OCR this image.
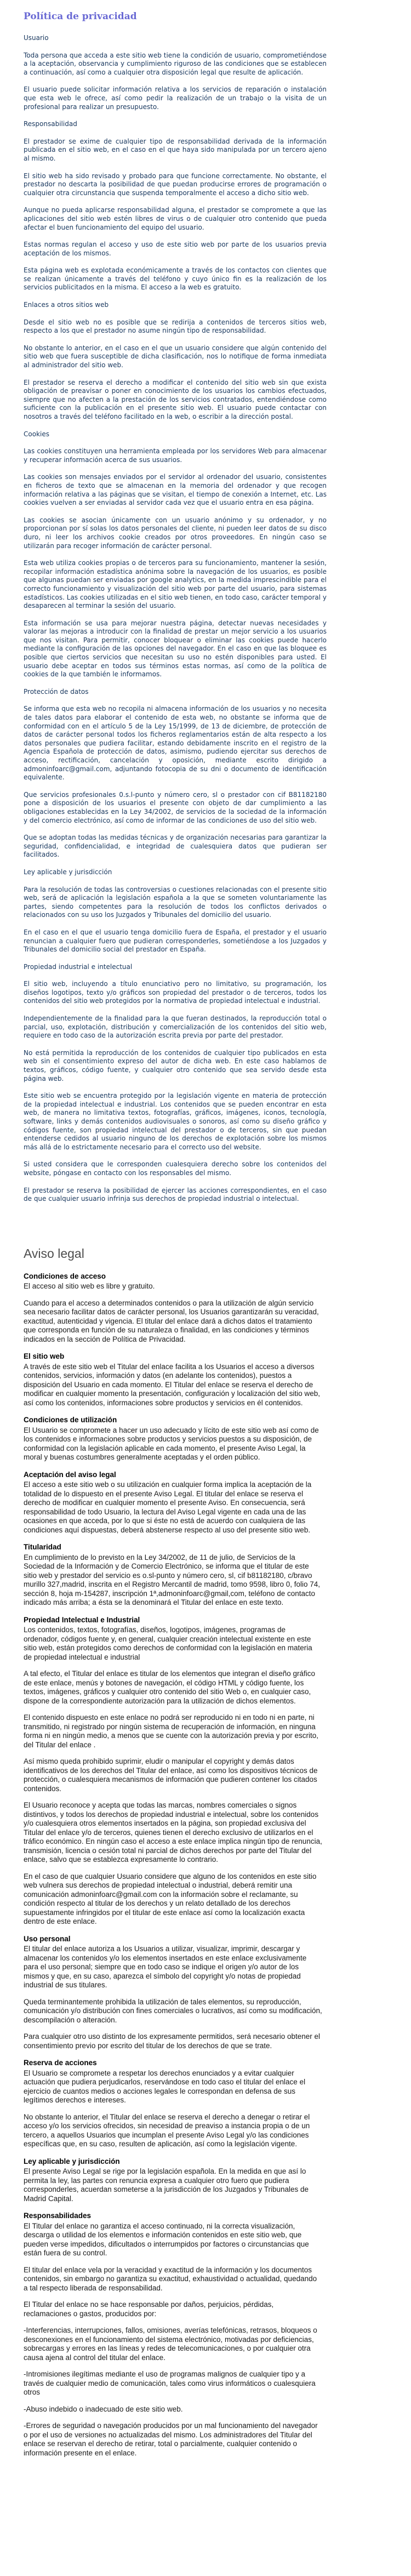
Política de privacidad
Usuario

Toda persona que acceda a este sitio web tiene la condición de usuario, comprometiéndose a la aceptación, observancia y cumplimiento riguroso de las condiciones que se establecen a continuación, así como a cualquier otra disposición legal que resulte de aplicación.

El usuario puede solicitar información relativa a los servicios de reparación o instalación que esta web le ofrece, así como pedir la realización de un trabajo o la visita de un profesional para realizar un presupuesto.

Responsabilidad

El prestador se exime de cualquier tipo de responsabilidad derivada de la información publicada en el sitio web, en el caso en el que haya sido manipulada por un tercero ajeno al mismo.

El sitio web ha sido revisado y probado para que funcione correctamente. No obstante, el prestador no descarta la posibilidad de que puedan producirse errores de programación o cualquier otra circunstancia que suspenda temporalmente el acceso a dicho sitio web.

Aunque no pueda aplicarse responsabilidad alguna, el prestador se compromete a que las aplicaciones del sitio web estén libres de virus o de cualquier otro contenido que pueda afectar el buen funcionamiento del equipo del usuario.

Estas normas regulan el acceso y uso de este sitio web por parte de los usuarios previa aceptación de los mismos.

Esta página web es explotada económicamente a través de los contactos con clientes que se realizan únicamente a través del teléfono y cuyo único fin es la realización de los servicios publicitados en la misma. El acceso a la web es gratuito.

Enlaces a otros sitios web

Desde el sitio web no es posible que se redirija a contenidos de terceros sitios web, respecto a los que el prestador no asume ningún tipo de responsabilidad.

No obstante lo anterior, en el caso en el que un usuario considere que algún contenido del sitio web que fuera susceptible de dicha clasificación, nos lo notifique de forma inmediata al administrador del sitio web.

El prestador se reserva el derecho a modificar el contenido del sitio web sin que exista obligación de preavisar o poner en conocimiento de los usuarios los cambios efectuados, siempre que no afecten a la prestación de los servicios contratados, entendiéndose como suficiente con la publicación en el presente sitio web. El usuario puede contactar con nosotros a través del teléfono facilitado en la web, o escribir a la dirección postal.

Cookies

Las cookies constituyen una herramienta empleada por los servidores Web para almacenar y recuperar información acerca de sus usuarios.

Las cookies son mensajes enviados por el servidor al ordenador del usuario, consistentes en ficheros de texto que se almacenan en la memoria del ordenador y que recogen información relativa a las páginas que se visitan, el tiempo de conexión a Internet, etc. Las cookies vuelven a ser enviadas al servidor cada vez que el usuario entra en esa página.

Las cookies se asocian únicamente con un usuario anónimo y su ordenador, y no proporcionan por sí solas los datos personales del cliente, ni pueden leer datos de su disco duro, ni leer los archivos cookie creados por otros proveedores. En ningún caso se utilizarán para recoger información de carácter personal.

Esta web utiliza cookies propias o de terceros para su funcionamiento, mantener la sesión, recopilar información estadística anónima sobre la navegación de los usuarios, es posible que algunas puedan ser enviadas por google analytics, en la medida imprescindible para el correcto funcionamiento y visualización del sitio web por parte del usuario, para sistemas estadísticos. Las cookies utilizadas en el sitio web tienen, en todo caso, carácter temporal y desaparecen al terminar la sesión del usuario.

Esta información se usa para mejorar nuestra página, detectar nuevas necesidades y valorar las mejoras a introducir con la finalidad de prestar un mejor servicio a los usuarios que nos visitan. Para permitir, conocer bloquear o eliminar las cookies puede hacerlo mediante la configuración de las opciones del navegador. En el caso en que las bloquee es posible que ciertos servicios que necesitan su uso no estén disponibles para usted. El usuario debe aceptar en todos sus términos estas normas, así como de la política de cookies de la que también le informamos.

Protección de datos

Se informa que esta web no recopila ni almacena información de los usuarios y no necesita de tales datos para elaborar el contenido de esta web, no obstante se informa que de conformidad con en el artículo 5 de la Ley 15/1999, de 13 de diciembre, de protección de datos de carácter personal todos los ficheros reglamentarios están de alta respecto a los datos personales que pudiera facilitar, estando debidamente inscrito en el registro de la Agencia Española de protección de datos, asimismo, pudiendo ejercitar sus derechos de acceso, rectificación, cancelación y oposición, mediante escrito dirigido a admoninfoarc@gmail.com, adjuntando fotocopia de su dni o documento de identificación equivalente.

Que servicios profesionales 0.s.l-punto y número cero, sl o prestador con cif B81182180 pone a disposición de los usuarios el presente con objeto de dar cumplimiento a las obligaciones establecidas en la Ley 34/2002, de servicios de la sociedad de la información y del comercio electrónico, así como de informar de las condiciones de uso del sitio web.

Que se adoptan todas las medidas técnicas y de organización necesarias para garantizar la seguridad, confidencialidad, e integridad de cualesquiera datos que pudieran ser facilitados.

Ley aplicable y jurisdicción

Para la resolución de todas las controversias o cuestiones relacionadas con el presente sitio web, será de aplicación la legislación española a la que se someten voluntariamente las partes, siendo competentes para la resolución de todos los conflictos derivados o relacionados con su uso los Juzgados y Tribunales del domicilio del usuario.

En el caso en el que el usuario tenga domicilio fuera de España, el prestador y el usuario renuncian a cualquier fuero que pudieran corresponderles, sometiéndose a los Juzgados y Tribunales del domicilio social del prestador en España.

Propiedad industrial e intelectual

El sitio web, incluyendo a título enunciativo pero no limitativo, su programación, los diseños logotipos, texto y/o gráficos son propiedad del prestador o de terceros, todos los contenidos del sitio web protegidos por la normativa de propiedad intelectual e industrial.

Independientemente de la finalidad para la que fueran destinados, la reproducción total o parcial, uso, explotación, distribución y comercialización de los contenidos del sitio web, requiere en todo caso de la autorización escrita previa por parte del prestador.

No está permitida la reproducción de los contenidos de cualquier tipo publicados en esta web sin el consentimiento expreso del autor de dicha web. En este caso hablamos de textos, gráficos, código fuente, y cualquier otro contenido que sea servido desde esta página web.

Este sitio web se encuentra protegido por la legislación vigente en materia de protección de la propiedad intelectual e industrial. Los contenidos que se pueden encontrar en esta web, de manera no limitativa textos, fotografías, gráficos, imágenes, iconos, tecnología, software, links y demás contenidos audiovisuales o sonoros, así como su diseño gráfico y códigos fuente, son propiedad intelectual del prestador o de terceros, sin que puedan entenderse cedidos al usuario ninguno de los derechos de explotación sobre los mismos más allá de lo estrictamente necesario para el correcto uso del website.

Si usted considera que le corresponden cualesquiera derecho sobre los contenidos del website, póngase en contacto con los responsables del mismo.

El prestador se reserva la posibilidad de ejercer las acciones correspondientes, en el caso de que cualquier usuario infrinja sus derechos de propiedad industrial o intelectual.

Aviso legal
Condiciones de acceso

El acceso al sitio web es libre y gratuito.

Cuando para el acceso a determinados contenidos o para la utilización de algún servicio sea necesario facilitar datos de carácter personal, los Usuarios garantizarán su veracidad, exactitud, autenticidad y vigencia. El titular del enlace dará a dichos datos el tratamiento que corresponda en función de su naturaleza o finalidad, en las condiciones y términos indicados en la sección de Política de Privacidad.

El sitio web

A través de este sitio web el Titular del enlace facilita a los Usuarios el acceso a diversos contenidos, servicios, información y datos (en adelante los contenidos), puestos a disposición del Usuario en cada momento. El Titular del enlace se reserva el derecho de modificar en cualquier momento la presentación, configuración y localización del sitio web, así como los contenidos, informaciones sobre productos y servicios en él contenidos.

Condiciones de utilización

El Usuario se compromete a hacer un uso adecuado y lícito de este sitio web así como de los contenidos e informaciones sobre productos y servicios puestos a su disposición, de conformidad con la legislación aplicable en cada momento, el presente Aviso Legal, la moral y buenas costumbres generalmente aceptadas y el orden público.

Aceptación del aviso legal

El acceso a este sitio web o su utilización en cualquier forma implica la aceptación de la totalidad de lo dispuesto en el presente Aviso Legal. El titular del enlace se reserva el derecho de modificar en cualquier momento el presente Aviso. En consecuencia, será responsabilidad de todo Usuario, la lectura del Aviso Legal vigente en cada una de las ocasiones en que acceda, por lo que si éste no está de acuerdo con cualquiera de las condiciones aquí dispuestas, deberá abstenerse respecto al uso del presente sitio web.

Titularidad

En cumplimiento de lo previsto en la Ley 34/2002, de 11 de julio, de Servicios de la Sociedad de la Información y de Comercio Electrónico, se informa que el titular de este sitio web y prestador del servicio es o.sl-punto y número cero, sl, cif b81182180, c/bravo murillo 327,madrid, inscrita en el Registro Mercantil de madrid, tomo 9598, libro 0, folio 74, sección 8, hoja m-154287, inscripción 1ª,admoninfoarc@gmail,com, teléfono de contacto indicado más arriba; a ésta se la denominará el Titular del enlace en este texto.

Propiedad Intelectual e Industrial

Los contenidos, textos, fotografías, diseños, logotipos, imágenes, programas de ordenador, códigos fuente y, en general, cualquier creación intelectual existente en este sitio web, están protegidos como derechos de conformidad con la legislación en materia de propiedad intelectual e industrial

A tal efecto, el Titular del enlace es titular de los elementos que integran el diseño gráfico de este enlace, menús y botones de navegación, el código HTML y código fuente, los textos, imágenes, gráficos y cualquier otro contenido del sitio Web o, en cualquier caso, dispone de la correspondiente autorización para la utilización de dichos elementos.

El contenido dispuesto en este enlace no podrá ser reproducido ni en todo ni en parte, ni transmitido, ni registrado por ningún sistema de recuperación de información, en ninguna forma ni en ningún medio, a menos que se cuente con la autorización previa y por escrito, del Titular del enlace .

Así mismo queda prohibido suprimir, eludir o manipular el copyright y demás datos identificativos de los derechos del Titular del enlace, así como los dispositivos técnicos de protección, o cualesquiera mecanismos de información que pudieren contener los citados contenidos.

El Usuario reconoce y acepta que todas las marcas, nombres comerciales o signos distintivos, y todos los derechos de propiedad industrial e intelectual, sobre los contenidos y/o cualesquiera otros elementos insertados en la página, son propiedad exclusiva del Titular del enlace y/o de terceros, quienes tienen el derecho exclusivo de utilizarlos en el tráfico económico. En ningún caso el acceso a este enlace implica ningún tipo de renuncia, transmisión, licencia o cesión total ni parcial de dichos derechos por parte del Titular del enlace, salvo que se establezca expresamente lo contrario.

En el caso de que cualquier Usuario considere que alguno de los contenidos en este sitio web vulnera sus derechos de propiedad intelectual o industrial, deberá remitir una comunicación admoninfoarc@gmail.com con la información sobre el reclamante, su condición respecto al titular de los derechos y un relato detallado de los derechos supuestamente infringidos por el titular de este enlace así como la localización exacta dentro de este enlace.

Uso personal

El titular del enlace autoriza a los Usuarios a utilizar, visualizar, imprimir, descargar y almacenar los contenidos y/o los elementos insertados en este enlace exclusivamente para el uso personal; siempre que en todo caso se indique el origen y/o autor de los mismos y que, en su caso, aparezca el símbolo del copyright y/o notas de propiedad industrial de sus titulares.

Queda terminantemente prohibida la utilización de tales elementos, su reproducción, comunicación y/o distribución con fines comerciales o lucrativos, así como su modificación, descompilación o alteración.

Para cualquier otro uso distinto de los expresamente permitidos, será necesario obtener el consentimiento previo por escrito del titular de los derechos de que se trate.

Reserva de acciones

El Usuario se compromete a respetar los derechos enunciados y a evitar cualquier actuación que pudiera perjudicarlos, reservándose en todo caso el titular del enlace el ejercicio de cuantos medios o acciones legales le correspondan en defensa de sus legítimos derechos e intereses.

No obstante lo anterior, el Titular del enlace se reserva el derecho a denegar o retirar el acceso y/o los servicios ofrecidos, sin necesidad de preaviso a instancia propia o de un tercero, a aquellos Usuarios que incumplan el presente Aviso Legal y/o las condiciones específicas que, en su caso, resulten de aplicación, así como la legislación vigente.

Ley aplicable y jurisdicción

El presente Aviso Legal se rige por la legislación española. En la medida en que así lo permita la ley, las partes con renuncia expresa a cualquier otro fuero que pudiera corresponderles, acuerdan someterse a la jurisdicción de los Juzgados y Tribunales de Madrid Capital.

Responsabilidades

El Titular del enlace no garantiza el acceso continuado, ni la correcta visualización, descarga o utilidad de los elementos e información contenidos en este sitio web, que pueden verse impedidos, dificultados o interrumpidos por factores o circunstancias que están fuera de su control.

El titular del enlace vela por la veracidad y exactitud de la información y los documentos contenidos, sin embargo no garantiza su exactitud, exhaustividad o actualidad, quedando a tal respecto liberada de responsabilidad.

El Titular del enlace no se hace responsable por daños, perjuicios, pérdidas, reclamaciones o gastos, producidos por:

-Interferencias, interrupciones, fallos, omisiones, averías telefónicas, retrasos, bloqueos o desconexiones en el funcionamiento del sistema electrónico, motivadas por deficiencias, sobrecargas y errores en las líneas y redes de telecomunicaciones, o por cualquier otra causa ajena al control del titular del enlace.

-Intromisiones ilegítimas mediante el uso de programas malignos de cualquier tipo y a través de cualquier medio de comunicación, tales como virus informáticos o cualesquiera otros

-Abuso indebido o inadecuado de este sitio web.

-Errores de seguridad o navegación producidos por un mal funcionamiento del navegador o por el uso de versiones no actualizadas del mismo. Los administradores del Titular del enlace se reservan el derecho de retirar, total o parcialmente, cualquier contenido o información presente en el enlace.
